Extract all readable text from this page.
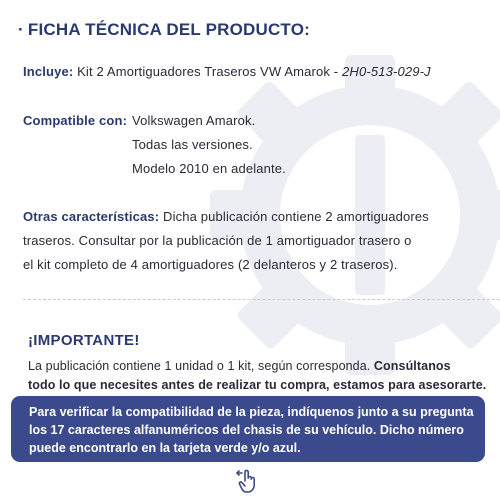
· FICHA TÉCNICA DEL PRODUCTO:
Incluye: Kit 2 Amortiguadores Traseros VW Amarok - 2H0-513-029-J
Compatible con: Volkswagen Amarok.
Todas las versiones.
Modelo 2010 en adelante.
Otras características: Dicha publicación contiene 2 amortiguadores
traseros. Consultar por la publicación de 1 amortiguador trasero o
el kit completo de 4 amortiguadores (2 delanteros y 2 traseros).
¡IMPORTANTE!
La publicación contiene 1 unidad o 1 kit, según corresponda. Consúltanos
todo lo que necesites antes de realizar tu compra, estamos para asesorarte.
Para verificar la compatibilidad de la pieza, indíquenos junto a su pregunta
los 17 caracteres alfanuméricos del chasis de su vehículo. Dicho número
puede encontrarlo en la tarjeta verde y/o azul.
